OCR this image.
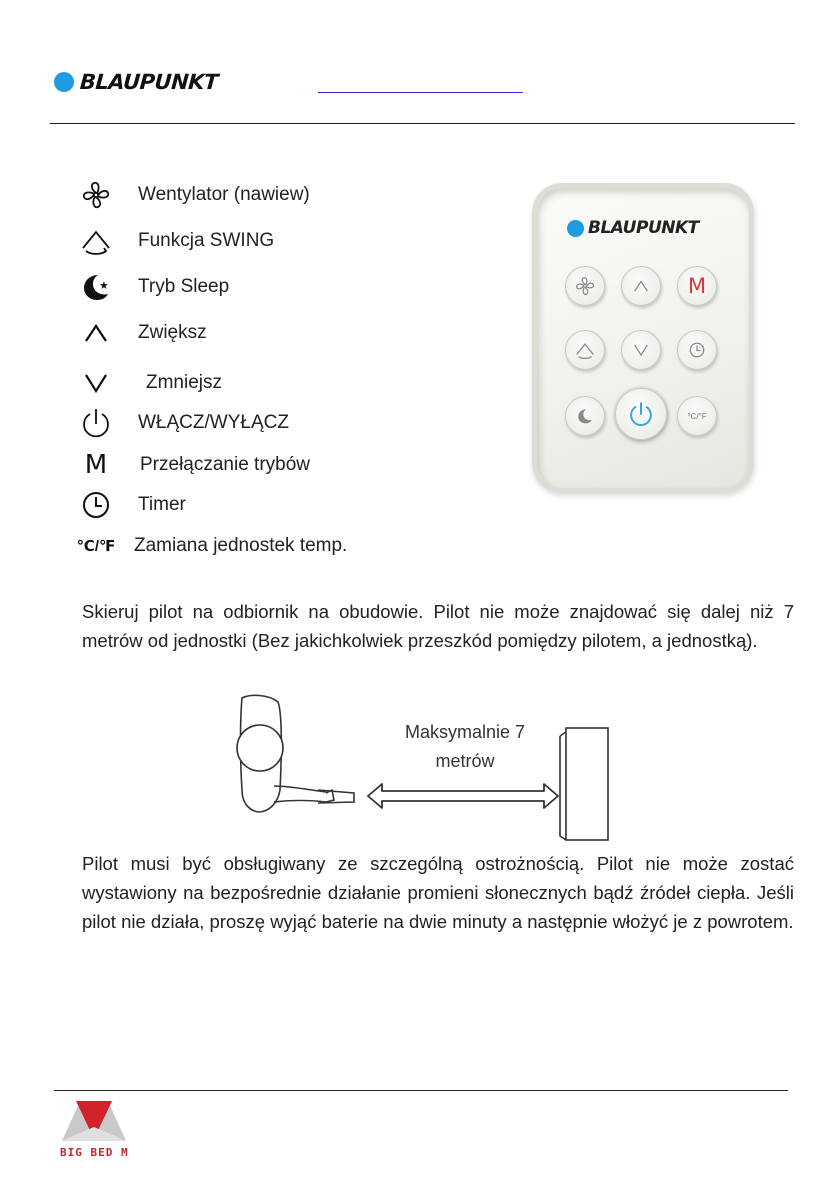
BLAUPUNKT
Wentylator (nawiew)
Funkcja SWING
★ Tryb Sleep
Zwiększ
Zmniejsz
WŁĄCZ/WYŁĄCZ
M Przełączanie trybów
Timer
℃/℉ Zamiana jednostek temp.
BLAUPUNKT
M
°C/°F
Skieruj pilot na odbiornik na obudowie. Pilot nie może znajdować się dalej niż 7 metrów od jednostki (Bez jakichkolwiek przeszkód pomiędzy pilotem, a jednostką).
Maksymalnie 7
metrów
Pilot musi być obsługiwany ze szczególną ostrożnością. Pilot nie może zostać wystawiony na bezpośrednie działanie promieni słonecznych bądź źródeł ciepła. Jeśli pilot nie działa, proszę wyjąć baterie na dwie minuty a następnie włożyć je z powrotem.
BIG BED M
